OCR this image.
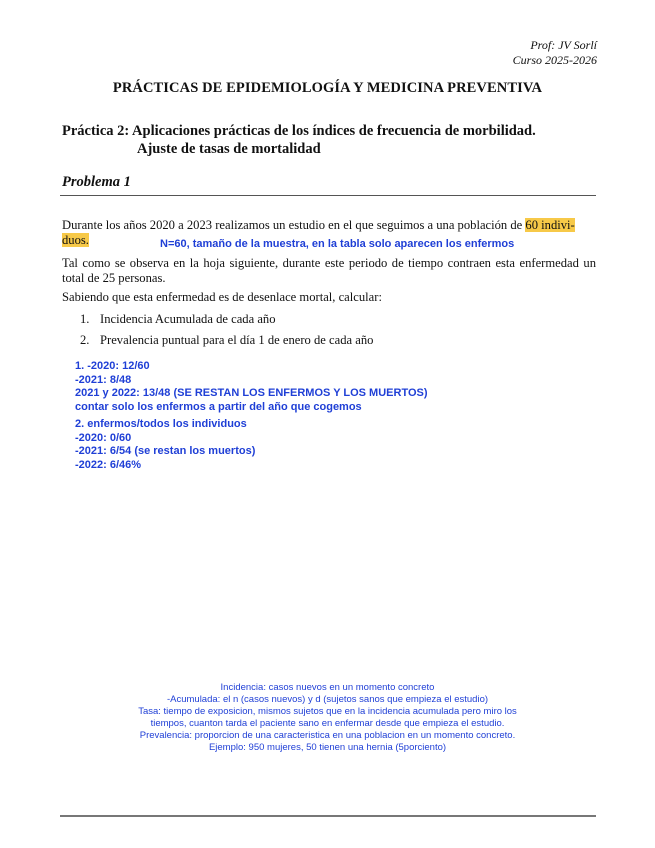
Prof: JV Sorlí
Curso 2025-2026
PRÁCTICAS DE EPIDEMIOLOGÍA Y MEDICINA PREVENTIVA
Práctica 2: Aplicaciones prácticas de los índices de frecuencia de morbilidad.
Ajuste de tasas de mortalidad
Problema 1
Durante los años 2020 a 2023 realizamos un estudio en el que seguimos a una población de 60 indivi-
duos.	N=60, tamaño de la muestra, en la tabla solo aparecen los enfermos
Tal como se observa en la hoja siguiente, durante este periodo de tiempo contraen esta enfermedad un total de 25 personas.
Sabiendo que esta enfermedad es de desenlace mortal, calcular:
1. Incidencia Acumulada de cada año
2. Prevalencia puntual para el día 1 de enero de cada año
1. -2020: 12/60
-2021: 8/48
2021 y 2022: 13/48 (SE RESTAN LOS ENFERMOS Y LOS MUERTOS)
contar solo los enfermos a partir del año que cogemos
2. enfermos/todos los individuos
-2020: 0/60
-2021: 6/54 (se restan los muertos)
-2022: 6/46%
Incidencia: casos nuevos en un momento concreto
-Acumulada: el n (casos nuevos) y d (sujetos sanos que empieza el estudio)
Tasa: tiempo de exposicion, mismos sujetos que en la incidencia acumulada pero miro los
tiempos, cuanton tarda el paciente sano en enfermar desde que empieza el estudio.
Prevalencia: proporcion de una caracteristica en una poblacion en un momento concreto.
Ejemplo: 950 mujeres, 50 tienen una hernia (5porciento)
